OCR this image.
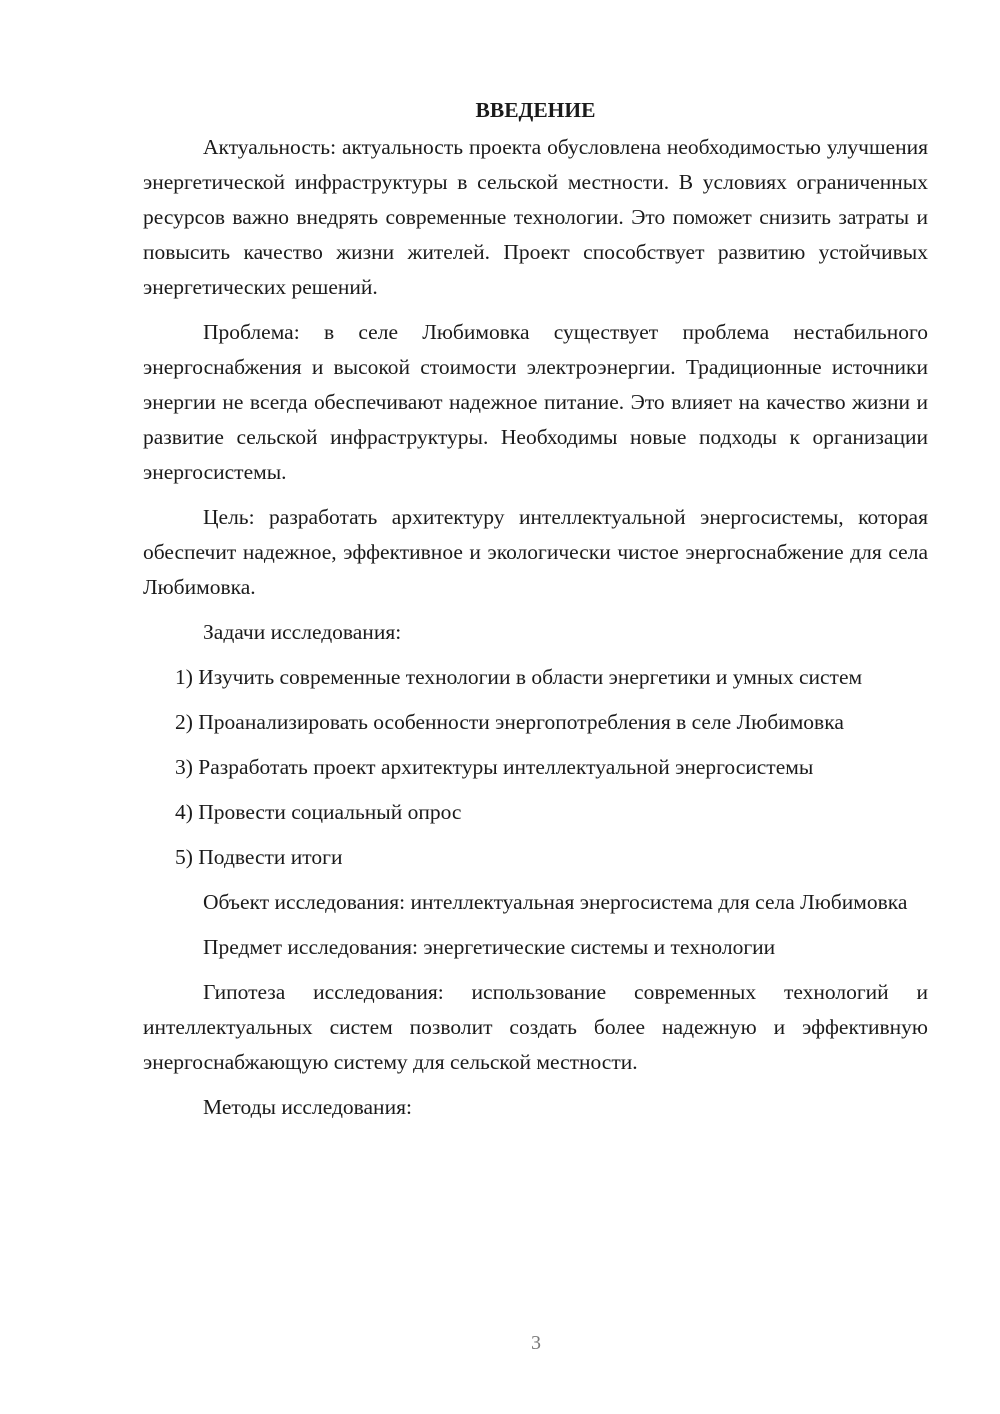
ВВЕДЕНИЕ

Актуальность: актуальность проекта обусловлена необходимостью улучшения энергетической инфраструктуры в сельской местности. В условиях ограниченных ресурсов важно внедрять современные технологии. Это поможет снизить затраты и повысить качество жизни жителей. Проект способствует развитию устойчивых энергетических решений.

Проблема: в селе Любимовка существует проблема нестабильного энергоснабжения и высокой стоимости электроэнергии. Традиционные источники энергии не всегда обеспечивают надежное питание. Это влияет на качество жизни и развитие сельской инфраструктуры. Необходимы новые подходы к организации энергосистемы.

Цель: разработать архитектуру интеллектуальной энергосистемы, которая обеспечит надежное, эффективное и экологически чистое энергоснабжение для села Любимовка.

Задачи исследования:

1) Изучить современные технологии в области энергетики и умных систем

2) Проанализировать особенности энергопотребления в селе Любимовка

3) Разработать проект архитектуры интеллектуальной энергосистемы

4) Провести социальный опрос

5) Подвести итоги

Объект исследования: интеллектуальная энергосистема для села Любимовка

Предмет исследования: энергетические системы и технологии

Гипотеза исследования: использование современных технологий и интеллектуальных систем позволит создать более надежную и эффективную энергоснабжающую систему для сельской местности.

Методы исследования:

3
